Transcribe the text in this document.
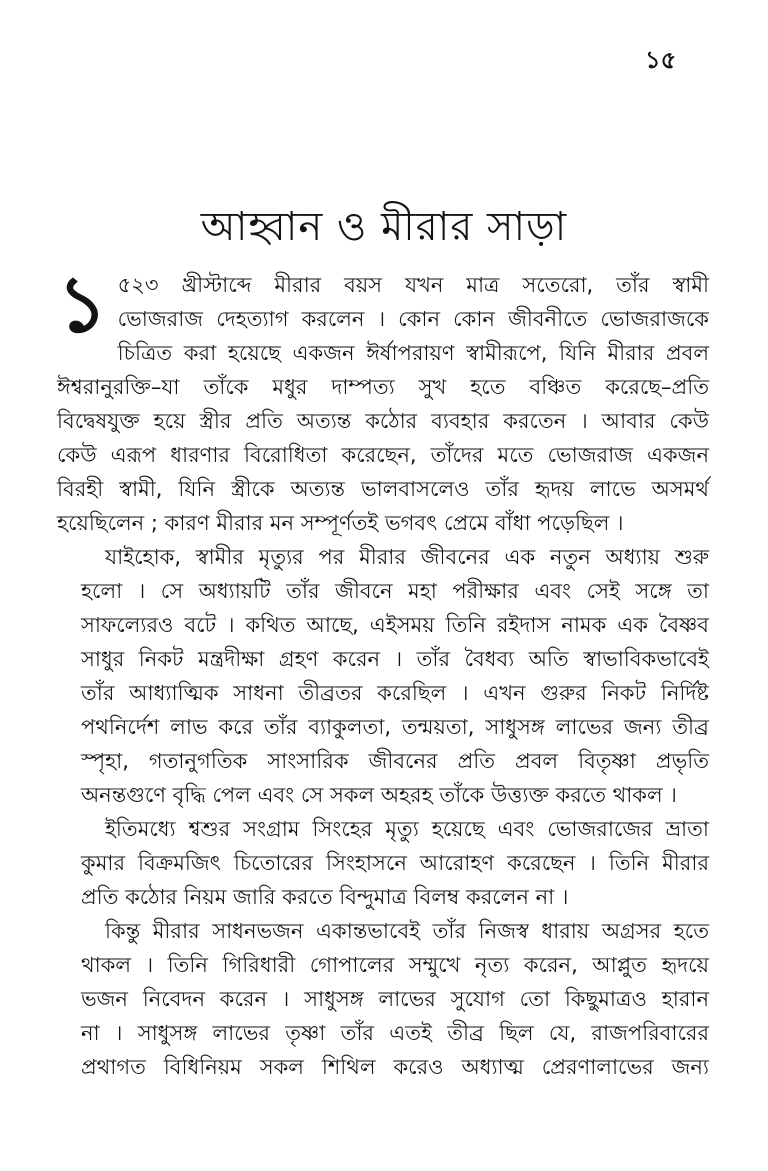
১৫
আহ্বান ও মীরার সাড়া
১ ৫২৩ খ্রীস্টাব্দে মীরার বয়স যখন মাত্র সতেরো, তাঁর স্বামী
ভোজরাজ দেহত্যাগ করলেন । কোন কোন জীবনীতে ভোজরাজকে
চিত্রিত করা হয়েছে একজন ঈর্ষাপরায়ণ স্বামীরূপে, যিনি মীরার প্রবল
ঈশ্বরানুরক্তি–যা তাঁকে মধুর দাম্পত্য সুখ হতে বঞ্চিত করেছে–প্রতি
বিদ্বেষযুক্ত হয়ে স্ত্রীর প্রতি অত্যন্ত কঠোর ব্যবহার করতেন । আবার কেউ
কেউ এরূপ ধারণার বিরোধিতা করেছেন, তাঁদের মতে ভোজরাজ একজন
বিরহী স্বামী, যিনি স্ত্রীকে অত্যন্ত ভালবাসলেও তাঁর হৃদয় লাভে অসমর্থ
হয়েছিলেন ; কারণ মীরার মন সম্পূর্ণতই ভগবৎ প্রেমে বাঁধা পড়েছিল ।
যাইহোক, স্বামীর মৃত্যুর পর মীরার জীবনের এক নতুন অধ্যায় শুরু
হলো । সে অধ্যায়টি তাঁর জীবনে মহা পরীক্ষার এবং সেই সঙ্গে তা
সাফল্যেরও বটে । কথিত আছে, এইসময় তিনি রইদাস নামক এক বৈষ্ণব
সাধুর নিকট মন্ত্রদীক্ষা গ্রহণ করেন । তাঁর বৈধব্য অতি স্বাভাবিকভাবেই
তাঁর আধ্যাত্মিক সাধনা তীব্রতর করেছিল । এখন গুরুর নিকট নির্দিষ্ট
পথনির্দেশ লাভ করে তাঁর ব্যাকুলতা, তন্ময়তা, সাধুসঙ্গ লাভের জন্য তীব্র
স্পৃহা, গতানুগতিক সাংসারিক জীবনের প্রতি প্রবল বিতৃষ্ণা প্রভৃতি
অনন্তগুণে বৃদ্ধি পেল এবং সে সকল অহরহ তাঁকে উত্ত্যক্ত করতে থাকল ।
ইতিমধ্যে শ্বশুর সংগ্রাম সিংহের মৃত্যু হয়েছে এবং ভোজরাজের ভ্রাতা
কুমার বিক্রমজিৎ চিতোরের সিংহাসনে আরোহণ করেছেন । তিনি মীরার
প্রতি কঠোর নিয়ম জারি করতে বিন্দুমাত্র বিলম্ব করলেন না ।
কিন্তু মীরার সাধনভজন একান্তভাবেই তাঁর নিজস্ব ধারায় অগ্রসর হতে
থাকল । তিনি গিরিধারী গোপালের সম্মুখে নৃত্য করেন, আপ্লুত হৃদয়ে
ভজন নিবেদন করেন । সাধুসঙ্গ লাভের সুযোগ তো কিছুমাত্রও হারান
না । সাধুসঙ্গ লাভের তৃষ্ণা তাঁর এতই তীব্র ছিল যে, রাজপরিবারের
প্রথাগত বিধিনিয়ম সকল শিথিল করেও অধ্যাত্ম প্রেরণালাভের জন্য
